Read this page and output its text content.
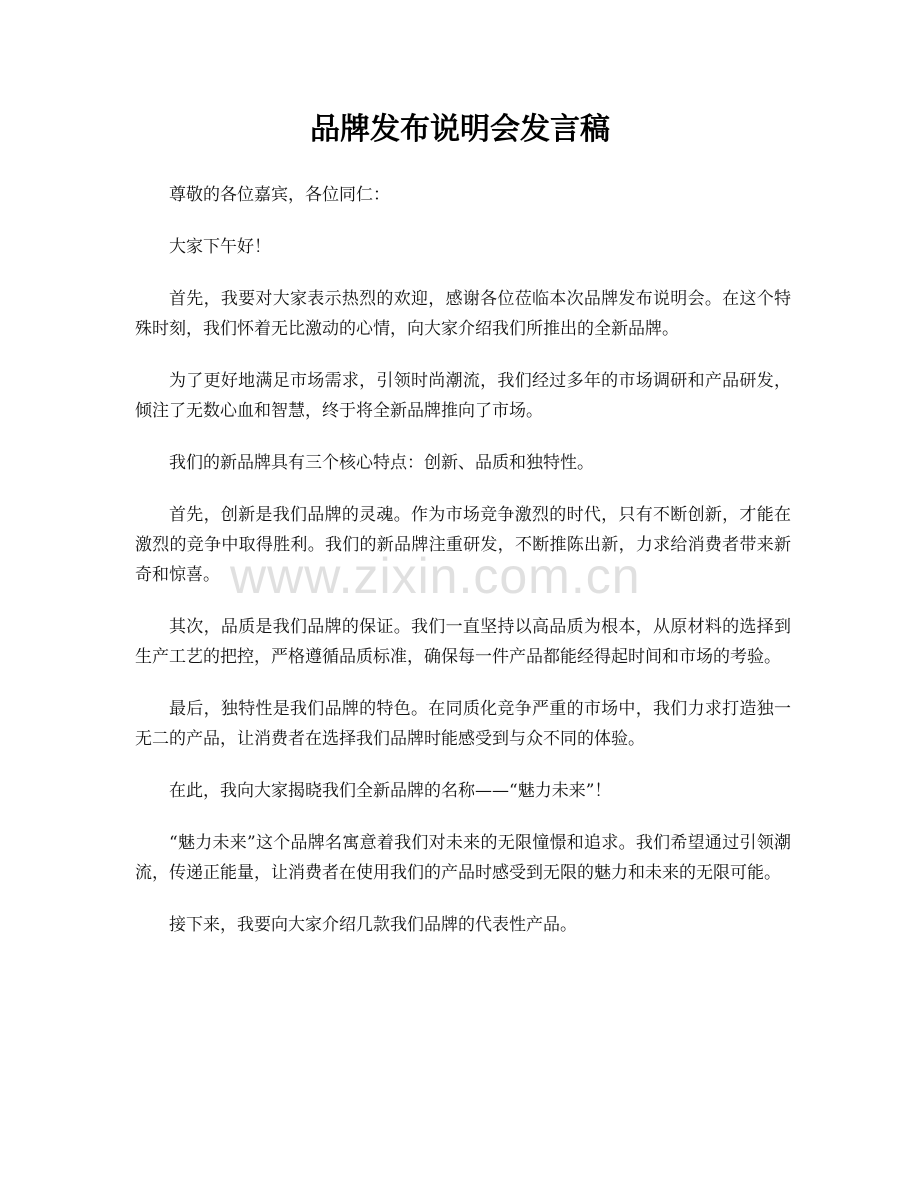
品牌发布说明会发言稿

尊敬的各位嘉宾，各位同仁：

大家下午好！

首先，我要对大家表示热烈的欢迎，感谢各位莅临本次品牌发布说明会。在这个特殊时刻，我们怀着无比激动的心情，向大家介绍我们所推出的全新品牌。

为了更好地满足市场需求，引领时尚潮流，我们经过多年的市场调研和产品研发，倾注了无数心血和智慧，终于将全新品牌推向了市场。

我们的新品牌具有三个核心特点：创新、品质和独特性。

首先，创新是我们品牌的灵魂。作为市场竞争激烈的时代，只有不断创新，才能在激烈的竞争中取得胜利。我们的新品牌注重研发，不断推陈出新，力求给消费者带来新奇和惊喜。

其次，品质是我们品牌的保证。我们一直坚持以高品质为根本，从原材料的选择到生产工艺的把控，严格遵循品质标准，确保每一件产品都能经得起时间和市场的考验。

最后，独特性是我们品牌的特色。在同质化竞争严重的市场中，我们力求打造独一无二的产品，让消费者在选择我们品牌时能感受到与众不同的体验。

在此，我向大家揭晓我们全新品牌的名称——“魅力未来”！

“魅力未来”这个品牌名寓意着我们对未来的无限憧憬和追求。我们希望通过引领潮流，传递正能量，让消费者在使用我们的产品时感受到无限的魅力和未来的无限可能。

接下来，我要向大家介绍几款我们品牌的代表性产品。

www.zixin.com.cn
